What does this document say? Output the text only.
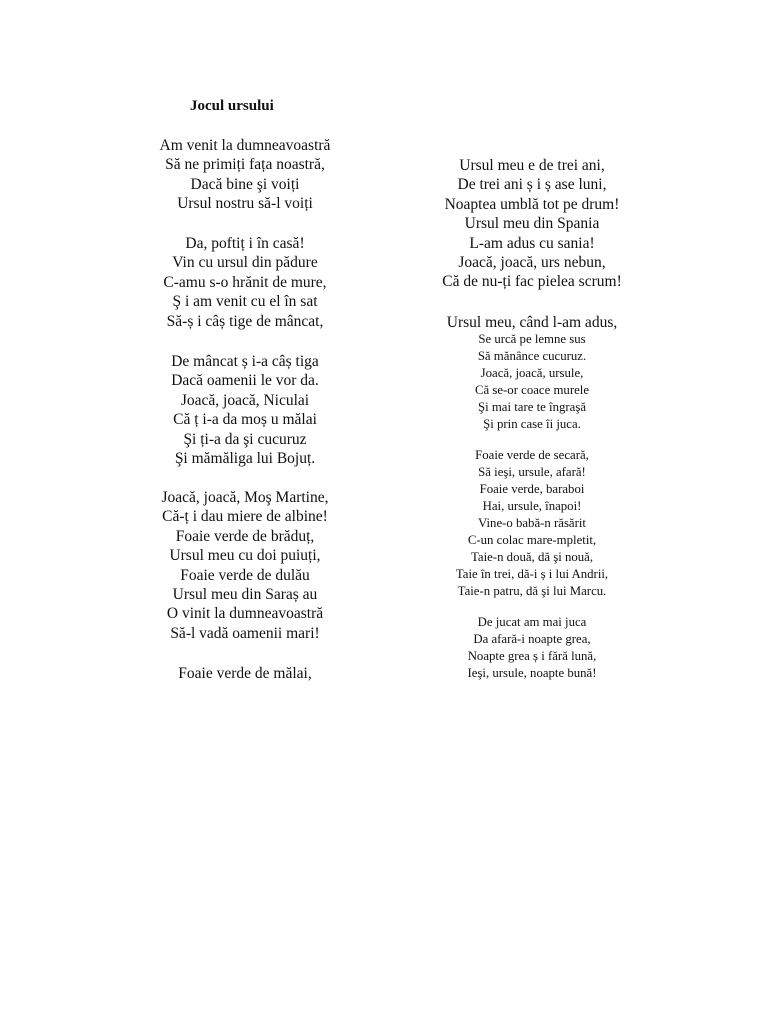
Jocul ursului
Am venit la dumneavoastră
Să ne primiți fața noastră,
Dacă bine şi voiți
Ursul nostru să-l voiți
Da, poftiț i în casă!
Vin cu ursul din pădure
C-amu s-o hrănit de mure,
Ş i am venit cu el în sat
Să-ș i câș tige de mâncat,
De mâncat ș i-a câș tiga
Dacă oamenii le vor da.
Joacă, joacă, Niculai
Că ț i-a da moș u mălai
Şi ți-a da şi cucuruz
Şi mămăliga lui Bojuț.
Joacă, joacă, Moş Martine,
Că-ț i dau miere de albine!
Foaie verde de brăduț,
Ursul meu cu doi puiuți,
Foaie verde de dulău
Ursul meu din Saraș au
O vinit la dumneavoastră
Să-l vadă oamenii mari!
Foaie verde de mălai,
Ursul meu e de trei ani,
De trei ani ș i ș ase luni,
Noaptea umblă tot pe drum!
Ursul meu din Spania
L-am adus cu sania!
Joacă, joacă, urs nebun,
Că de nu-ți fac pielea scrum!
Ursul meu, când l-am adus,
Se urcă pe lemne sus
Să mănânce cucuruz.
Joacă, joacă, ursule,
Că se-or coace murele
Şi mai tare te îngraşă
Şi prin case îi juca.
Foaie verde de secară,
Să ieşi, ursule, afară!
Foaie verde, baraboi
Hai, ursule, înapoi!
Vine-o babă-n răsărit
C-un colac mare-mpletit,
Taie-n două, dă şi nouă,
Taie în trei, dă-i ș i lui Andrii,
Taie-n patru, dă şi lui Marcu.
De jucat am mai juca
Da afară-i noapte grea,
Noapte grea ș i fără lună,
Ieşi, ursule, noapte bună!
